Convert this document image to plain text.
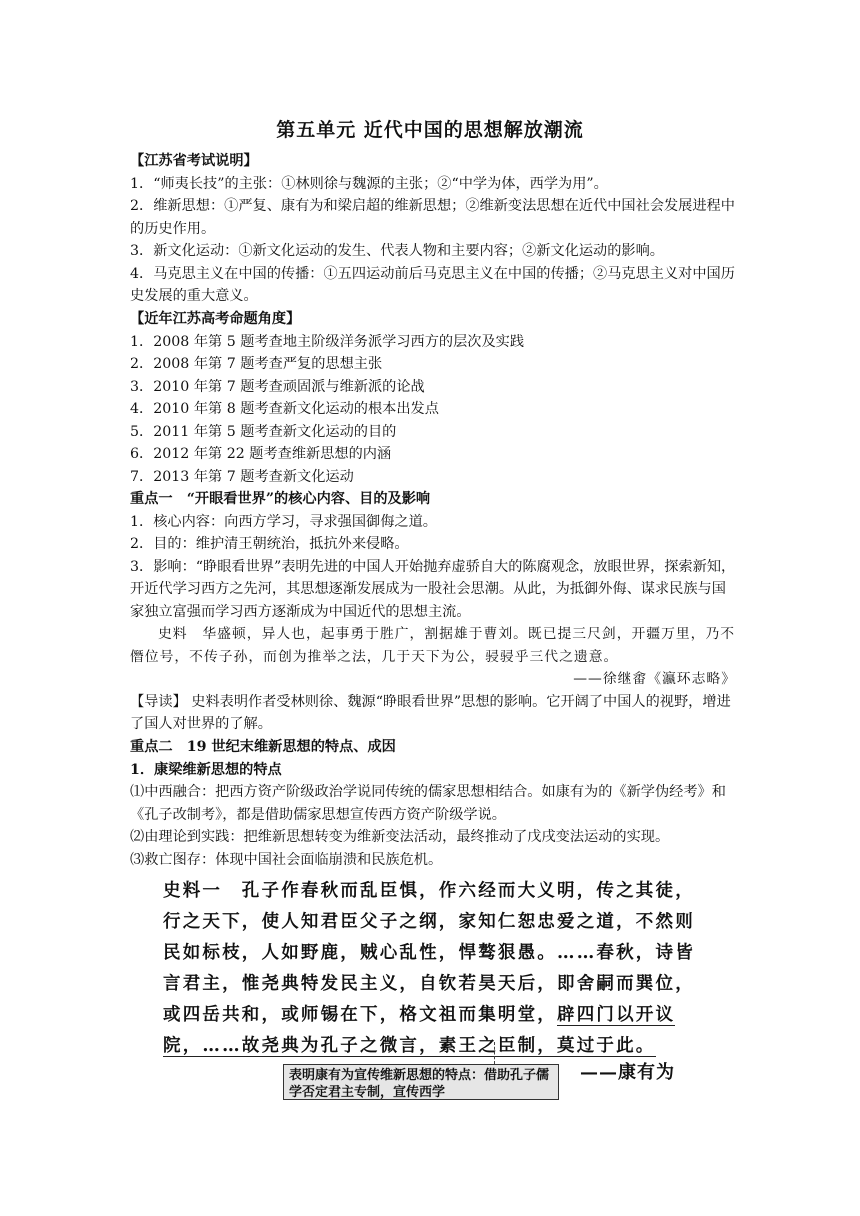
第五单元 近代中国的思想解放潮流

【江苏省考试说明】

1．“师夷长技”的主张：①林则徐与魏源的主张；②“中学为体，西学为用”。

2．维新思想：①严复、康有为和梁启超的维新思想；②维新变法思想在近代中国社会发展进程中的历史作用。

3．新文化运动：①新文化运动的发生、代表人物和主要内容；②新文化运动的影响。

4．马克思主义在中国的传播：①五四运动前后马克思主义在中国的传播；②马克思主义对中国历史发展的重大意义。

【近年江苏高考命题角度】

1．2008 年第 5 题考查地主阶级洋务派学习西方的层次及实践

2．2008 年第 7 题考查严复的思想主张

3．2010 年第 7 题考查顽固派与维新派的论战

4．2010 年第 8 题考查新文化运动的根本出发点

5．2011 年第 5 题考查新文化运动的目的

6．2012 年第 22 题考查维新思想的内涵

7．2013 年第 7 题考查新文化运动

重点一　“开眼看世界”的核心内容、目的及影响

1．核心内容：向西方学习，寻求强国御侮之道。

2．目的：维护清王朝统治，抵抗外来侵略。

3．影响：“睁眼看世界”表明先进的中国人开始抛弃虚骄自大的陈腐观念，放眼世界，探索新知，开近代学习西方之先河，其思想逐渐发展成为一股社会思潮。从此，为抵御外侮、谋求民族与国家独立富强而学习西方逐渐成为中国近代的思想主流。

史料　华盛顿，异人也，起事勇于胜广，割据雄于曹刘。既已提三尺剑，开疆万里，乃不僭位号，不传子孙，而创为推举之法，几于天下为公，骎骎乎三代之遗意。

——徐继畬《瀛环志略》

【导读】 史料表明作者受林则徐、魏源“睁眼看世界”思想的影响。它开阔了中国人的视野，增进了国人对世界的了解。

重点二　19 世纪末维新思想的特点、成因

1．康梁维新思想的特点

⑴中西融合：把西方资产阶级政治学说同传统的儒家思想相结合。如康有为的《新学伪经考》和《孔子改制考》，都是借助儒家思想宣传西方资产阶级学说。

⑵由理论到实践：把维新思想转变为维新变法活动，最终推动了戊戌变法运动的实现。

⑶救亡图存：体现中国社会面临崩溃和民族危机。

史料一　孔子作春秋而乱臣惧，作六经而大义明，传之其徒，行之天下，使人知君臣父子之纲，家知仁恕忠爱之道，不然则民如标枝，人如野鹿，贼心乱性，悍骜狠愚。……春秋，诗皆言君主，惟尧典特发民主义，自钦若昊天后，即舍嗣而巽位，或四岳共和，或师锡在下，格文祖而集明堂，辟四门以开议院，……故尧典为孔子之微言，素王之臣制，莫过于此。
表明康有为宣传维新思想的特点：借助孔子儒学否定君主专制，宣传西学
——康有为
